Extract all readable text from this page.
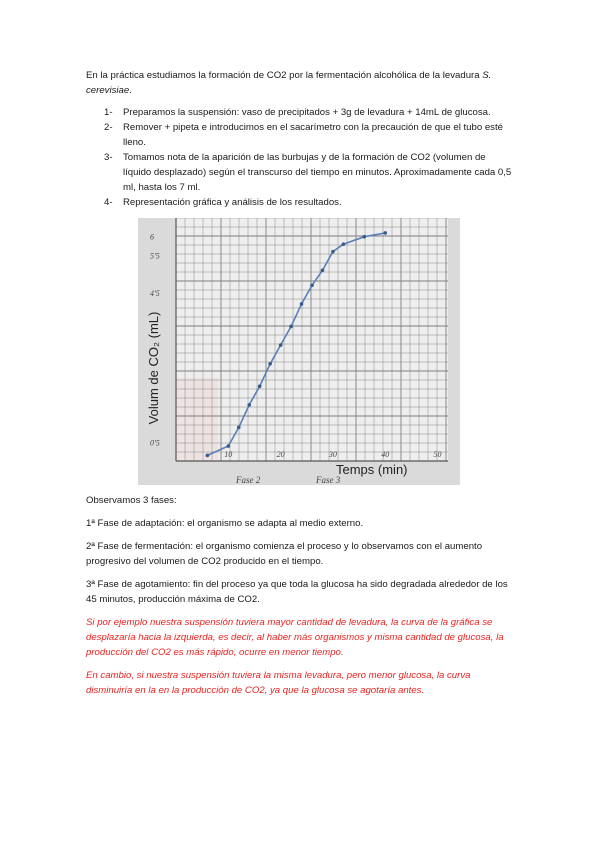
En la práctica estudiamos la formación de CO2 por la fermentación alcohólica de la levadura S. cerevisiae.

1- Preparamos la suspensión: vaso de precipitados + 3g de levadura + 14mL de glucosa.
2- Remover + pipeta e introducimos en el sacarímetro con la precaución de que el tubo esté lleno.
3- Tomamos nota de la aparición de las burbujas y de la formación de CO2 (volumen de líquido desplazado) según el transcurso del tiempo en minutos. Aproximadamente cada 0,5 ml, hasta los 7 ml.
4- Representación gráfica y análisis de los resultados.
6
5'5
4'5
0'5
10	20	30	40	50
Volum de CO₂ (mL)
Temps (min)
Fase 2	Fase 3

Observamos 3 fases:

1ª Fase de adaptación: el organismo se adapta al medio externo.

2ª Fase de fermentación: el organismo comienza el proceso y lo observamos con el aumento progresivo del volumen de CO2 producido en el tiempo.

3ª Fase de agotamiento: fin del proceso ya que toda la glucosa ha sido degradada alrededor de los 45 minutos, producción máxima de CO2.

Si por ejemplo nuestra suspensión tuviera mayor cantidad de levadura, la curva de la gráfica se desplazaría hacia la izquierda, es decir, al haber más organismos y misma cantidad de glucosa, la producción del CO2 es más rápido, ocurre en menor tiempo.

En cambio, si nuestra suspensión tuviera la misma levadura, pero menor glucosa, la curva disminuiría en la en la producción de CO2, ya que la glucosa se agotaría antes.
